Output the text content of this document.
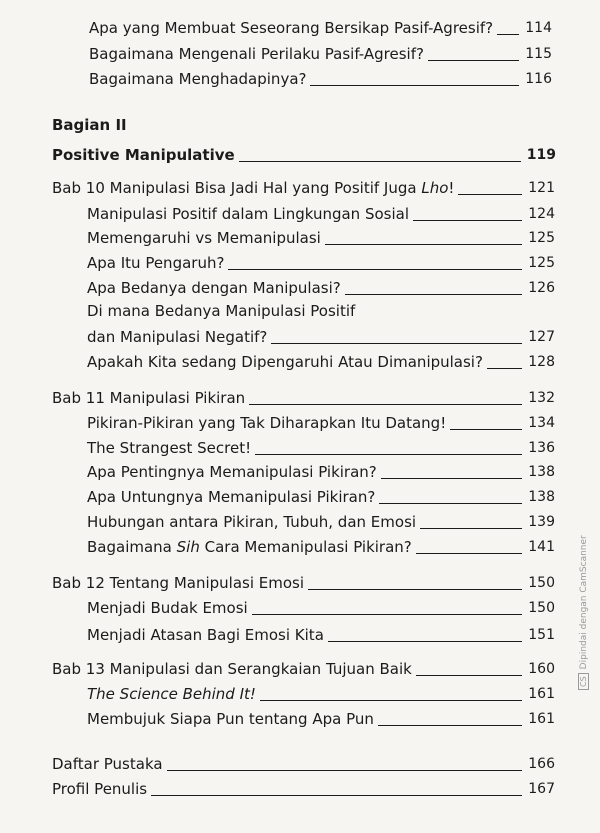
Apa yang Membuat Seseorang Bersikap Pasif-Agresif? 114
Bagaimana Mengenali Perilaku Pasif-Agresif?	115
Bagaimana Menghadapinya?	116
Bagian II
Positive Manipulative	119
Bab 10 Manipulasi Bisa Jadi Hal yang Positif Juga Lho!	121
Manipulasi Positif dalam Lingkungan Sosial	124
Memengaruhi vs Memanipulasi	125
Apa Itu Pengaruh?	125
Apa Bedanya dengan Manipulasi?	126
Di mana Bedanya Manipulasi Positif
dan Manipulasi Negatif?	127
Apakah Kita sedang Dipengaruhi Atau Dimanipulasi?	128
Bab 11 Manipulasi Pikiran	132
Pikiran-Pikiran yang Tak Diharapkan Itu Datang!	134
The Strangest Secret!	136
Apa Pentingnya Memanipulasi Pikiran?	138
Apa Untungnya Memanipulasi Pikiran?	138
Hubungan antara Pikiran, Tubuh, dan Emosi	139
Bagaimana Sih Cara Memanipulasi Pikiran?	141
Bab 12 Tentang Manipulasi Emosi	150
Menjadi Budak Emosi	150
Menjadi Atasan Bagi Emosi Kita	151
Bab 13 Manipulasi dan Serangkaian Tujuan Baik	160
The Science Behind It!	161
Membujuk Siapa Pun tentang Apa Pun	161
Daftar Pustaka	166
Profil Penulis	167
CSDipindai dengan CamScanner
